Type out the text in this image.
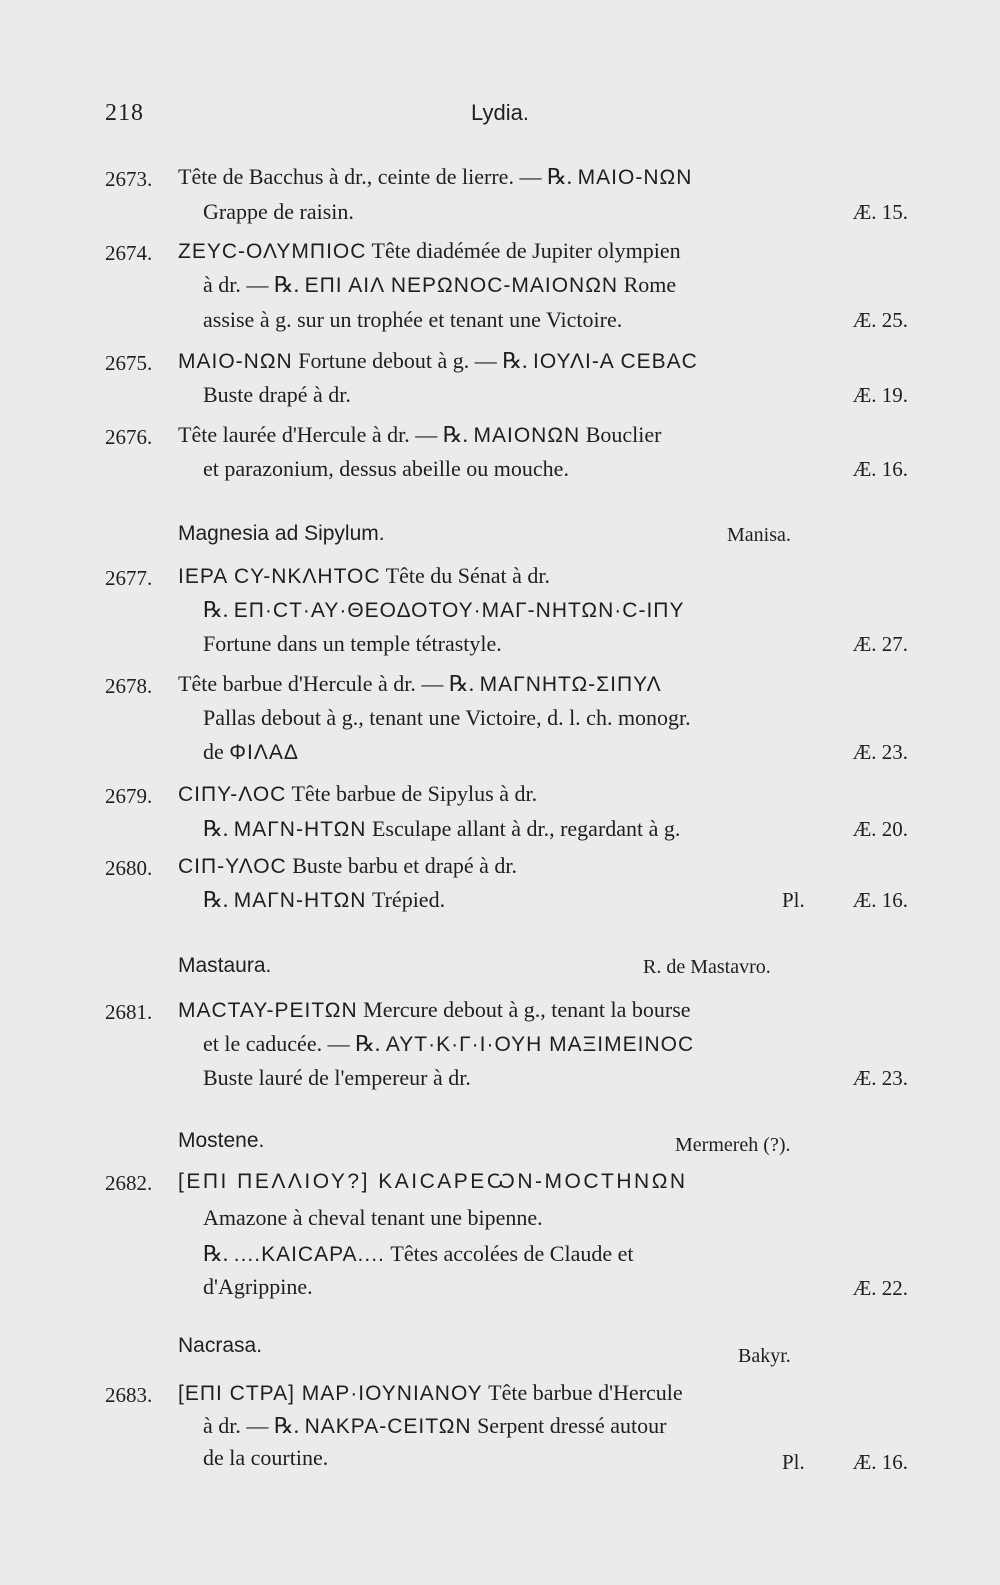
218	Lydia.
2673. Tête de Bacchus à dr., ceinte de lierre. — ℞. ΜΑΙΟ-ΝΩΝ
Grappe de raisin.	Æ. 15.
2674. ΖΕΥC-ΟΛΥΜΠΙΟC Tête diadémée de Jupiter olympien
à dr. — ℞. ΕΠΙ ΑΙΛ ΝΕΡΩΝΟC-ΜΑΙΟΝΩΝ Rome
assise à g. sur un trophée et tenant une Victoire.	Æ. 25.
2675. ΜΑΙΟ-ΝΩΝ Fortune debout à g. — ℞. ΙΟΥΛΙ-Α CΕΒΑC
Buste drapé à dr.	Æ. 19.
2676. Tête laurée d'Hercule à dr. — ℞. ΜΑΙΟΝΩΝ Bouclier
et parazonium, dessus abeille ou mouche.	Æ. 16.
Magnesia ad Sipylum.	Manisa.
2677. ΙΕΡΑ CΥ-ΝΚΛΗΤΟC Tête du Sénat à dr.
℞. ΕΠ·CΤ·ΑΥ·ΘΕΟΔΟΤΟΥ·ΜΑΓ-ΝΗΤΩΝ·C-ΙΠΥ
Fortune dans un temple tétrastyle.	Æ. 27.
2678. Tête barbue d'Hercule à dr. — ℞. ΜΑΓΝΗΤΩ-ΣΙΠΥΛ
Pallas debout à g., tenant une Victoire, d. l. ch. monogr.
de ΦΙΛΑΔ	Æ. 23.
2679. CΙΠΥ-ΛΟC Tête barbue de Sipylus à dr.
℞. ΜΑΓΝ-ΗΤΩΝ Esculape allant à dr., regardant à g.	Æ. 20.
2680. CΙΠ-ΥΛΟC Buste barbu et drapé à dr.
℞. ΜΑΓΝ-ΗΤΩΝ Trépied.	Pl. Æ. 16.
Mastaura.	R. de Mastavro.
2681. ΜΑCΤΑΥ-ΡΕΙΤΩΝ Mercure debout à g., tenant la bourse
et le caducée. — ℞. ΑΥΤ·Κ·Γ·Ι·ΟΥΗ ΜΑΞΙΜΕΙΝΟC
Buste lauré de l'empereur à dr.	Æ. 23.
Mostene.	Mermereh (?).
2682. [ΕΠΙ ΠΕΛΛΙΟΥ?] ΚΑΙCΑΡΕѠΝ-ΜΟCΤΗΝΩΝ
Amazone à cheval tenant une bipenne.
℞. ....ΚΑΙCΑΡΑ.... Têtes accolées de Claude et
d'Agrippine.	Æ. 22.
Nacrasa.	Bakyr.
2683. [ΕΠΙ CΤΡΑ] ΜΑΡ·ΙΟΥΝΙΑΝΟΥ Tête barbue d'Hercule
à dr. — ℞. ΝΑΚΡΑ-CΕΙΤΩΝ Serpent dressé autour
de la courtine.	Pl. Æ. 16.
